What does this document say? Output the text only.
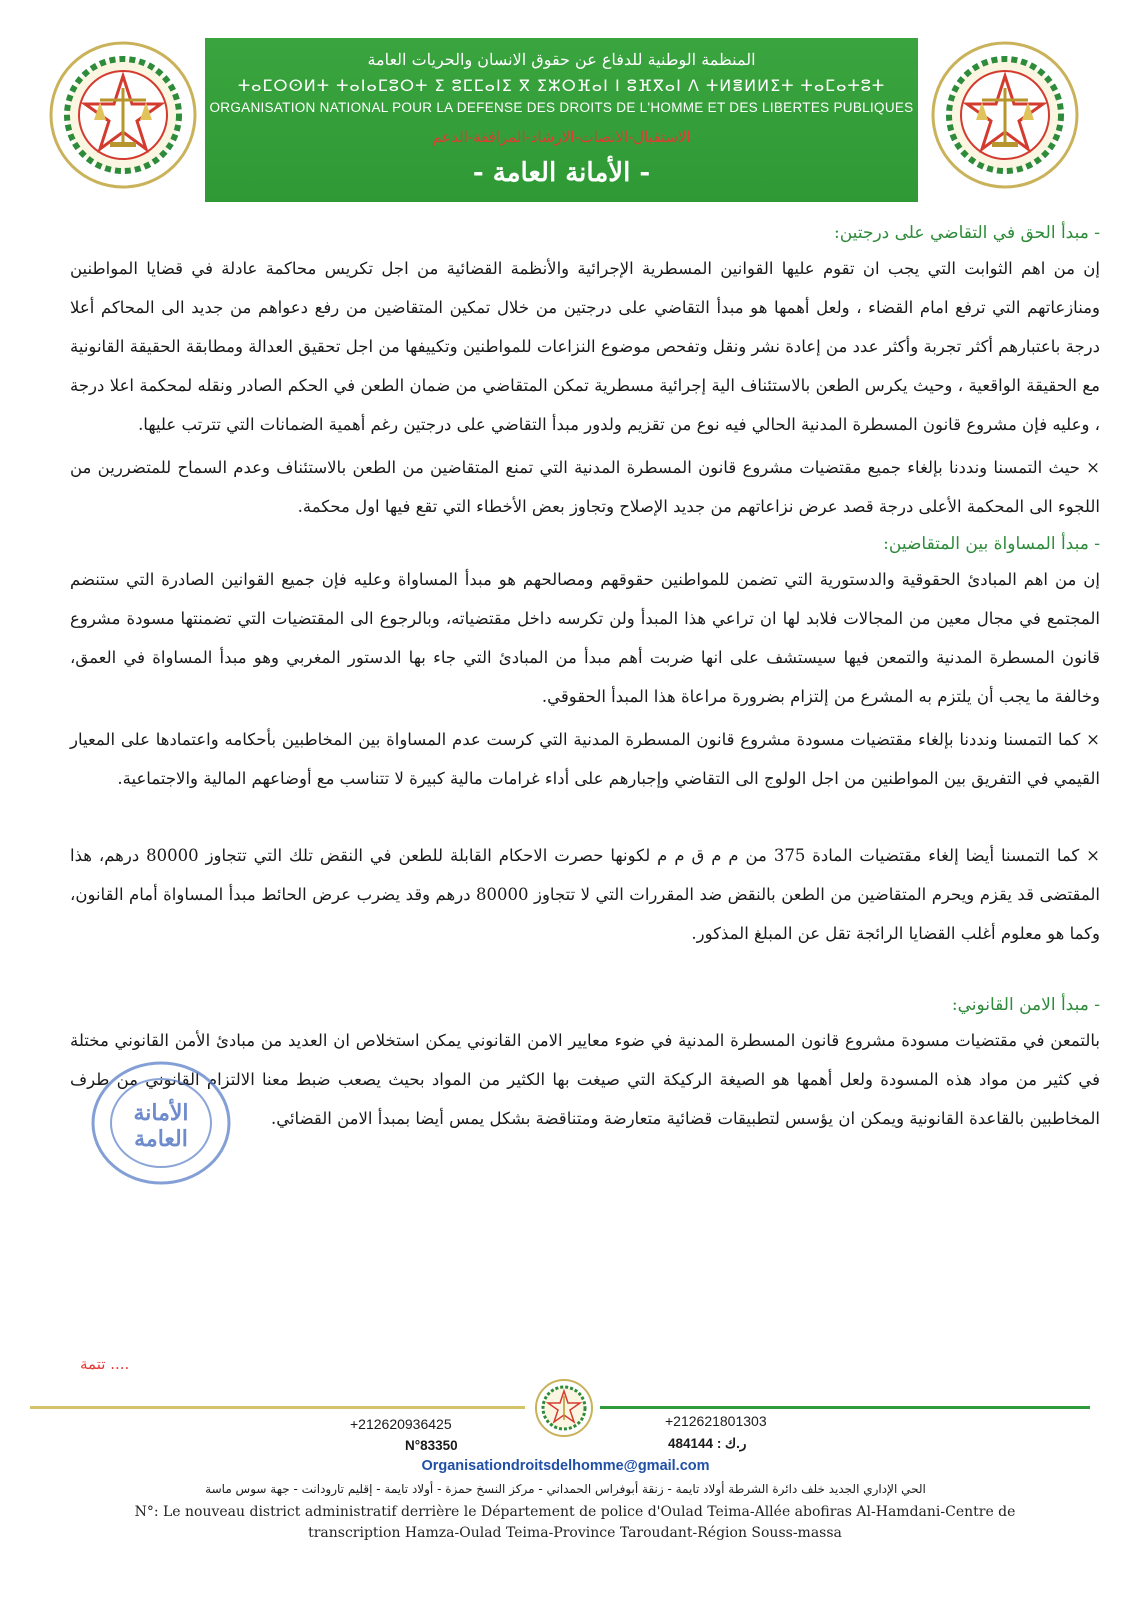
المنظمة الوطنية للدفاع عن حقوق الانسان والحريات العامة
ⵜⴰⵎⵔⵙⵍⵜ ⵜⴰⵏⴰⵎⵓⵔⵜ ⵉ ⵓⵎⵎⴰⵏⵉ ⴳ ⵉⵣⵔⴼⴰⵏ ⵏ ⵓⴼⴳⴰⵏ ⴷ ⵜⵍⴻⵍⵍⵉⵜ ⵜⴰⵎⴰⵜⵓⵜ
ORGANISATION NATIONAL POUR LA DEFENSE DES DROITS DE L'HOMME ET DES LIBERTES PUBLIQUES
الاستقبال-الانصات-الارشاد-المرافقة-الدعم
- الأمانة العامة -
- مبدأ الحق في التقاضي على درجتين:

إن من اهم الثوابت التي يجب ان تقوم عليها القوانين المسطرية الإجرائية والأنظمة القضائية من اجل تكريس محاكمة عادلة في قضايا المواطنين ومنازعاتهم التي ترفع امام القضاء ، ولعل أهمها هو مبدأ التقاضي على درجتين من خلال تمكين المتقاضين من رفع دعواهم من جديد الى المحاكم أعلا درجة باعتبارهم أكثر تجربة وأكثر عدد من إعادة نشر ونقل وتفحص موضوع النزاعات للمواطنين وتكييفها من اجل تحقيق العدالة ومطابقة الحقيقة القانونية مع الحقيقة الواقعية ، وحيث يكرس الطعن بالاستئناف الية إجرائية مسطرية تمكن المتقاضي من ضمان الطعن في الحكم الصادر ونقله لمحكمة اعلا درجة ، وعليه فإن مشروع قانون المسطرة المدنية الحالي فيه نوع من تقزيم ولدور مبدأ التقاضي على درجتين رغم أهمية الضمانات التي تترتب عليها.

× حيث التمسنا ونددنا بإلغاء جميع مقتضيات مشروع قانون المسطرة المدنية التي تمنع المتقاضين من الطعن بالاستئناف وعدم السماح للمتضررين من اللجوء الى المحكمة الأعلى درجة قصد عرض نزاعاتهم من جديد الإصلاح وتجاوز بعض الأخطاء التي تقع فيها اول محكمة.

- مبدأ المساواة بين المتقاضين:

إن من اهم المبادئ الحقوقية والدستورية التي تضمن للمواطنين حقوقهم ومصالحهم هو مبدأ المساواة وعليه فإن جميع القوانين الصادرة التي ستنضم المجتمع في مجال معين من المجالات فلابد لها ان تراعي هذا المبدأ ولن تكرسه داخل مقتضياته، وبالرجوع الى المقتضيات التي تضمنتها مسودة مشروع قانون المسطرة المدنية والتمعن فيها سيستشف على انها ضربت أهم مبدأ من المبادئ التي جاء بها الدستور المغربي وهو مبدأ المساواة في العمق، وخالفة ما يجب أن يلتزم به المشرع من إلتزام بضرورة مراعاة هذا المبدأ الحقوقي.

× كما التمسنا ونددنا بإلغاء مقتضيات مسودة مشروع قانون المسطرة المدنية التي كرست عدم المساواة بين المخاطبين بأحكامه واعتمادها على المعيار القيمي في التفريق بين المواطنين من اجل الولوج الى التقاضي وإجبارهم على أداء غرامات مالية كبيرة لا تتناسب مع أوضاعهم المالية والاجتماعية.

× كما التمسنا أيضا إلغاء مقتضيات المادة 375 من م م ق م م لكونها حصرت الاحكام القابلة للطعن في النقض تلك التي تتجاوز 80000 درهم، هذا المقتضى قد يقزم ويحرم المتقاضين من الطعن بالنقض ضد المقررات التي لا تتجاوز 80000 درهم وقد يضرب عرض الحائط مبدأ المساواة أمام القانون، وكما هو معلوم أغلب القضايا الرائجة تقل عن المبلغ المذكور.

- مبدأ الامن القانوني:

بالتمعن في مقتضيات مسودة مشروع قانون المسطرة المدنية في ضوء معايير الامن القانوني يمكن استخلاص ان العديد من مبادئ الأمن القانوني مختلة في كثير من مواد هذه المسودة ولعل أهمها هو الصيغة الركيكة التي صيغت بها الكثير من المواد بحيث يصعب ضبط معنا الالتزام القانوني من طرف المخاطبين بالقاعدة القانونية ويمكن ان يؤسس لتطبيقات قضائية متعارضة ومتناقضة بشكل يمس أيضا بمبدأ الامن القضائي.

الأمانة
العامة
تتمة ....
+212620936425	+212621801303
N°83350	ر.ك : 484144
Organisationdroitsdelhomme@gmail.com
الحي الإداري الجديد خلف دائرة الشرطة أولاد تايمة - زنقة أبوفراس الحمداني - مركز النسخ حمزة - أولاد تايمة - إقليم تارودانت - جهة سوس ماسة
N°: Le nouveau district administratif derrière le Département de police d'Oulad Teima-Allée abofiras Al-Hamdani-Centre de transcription Hamza-Oulad Teima-Province Taroudant-Région Souss-massa
